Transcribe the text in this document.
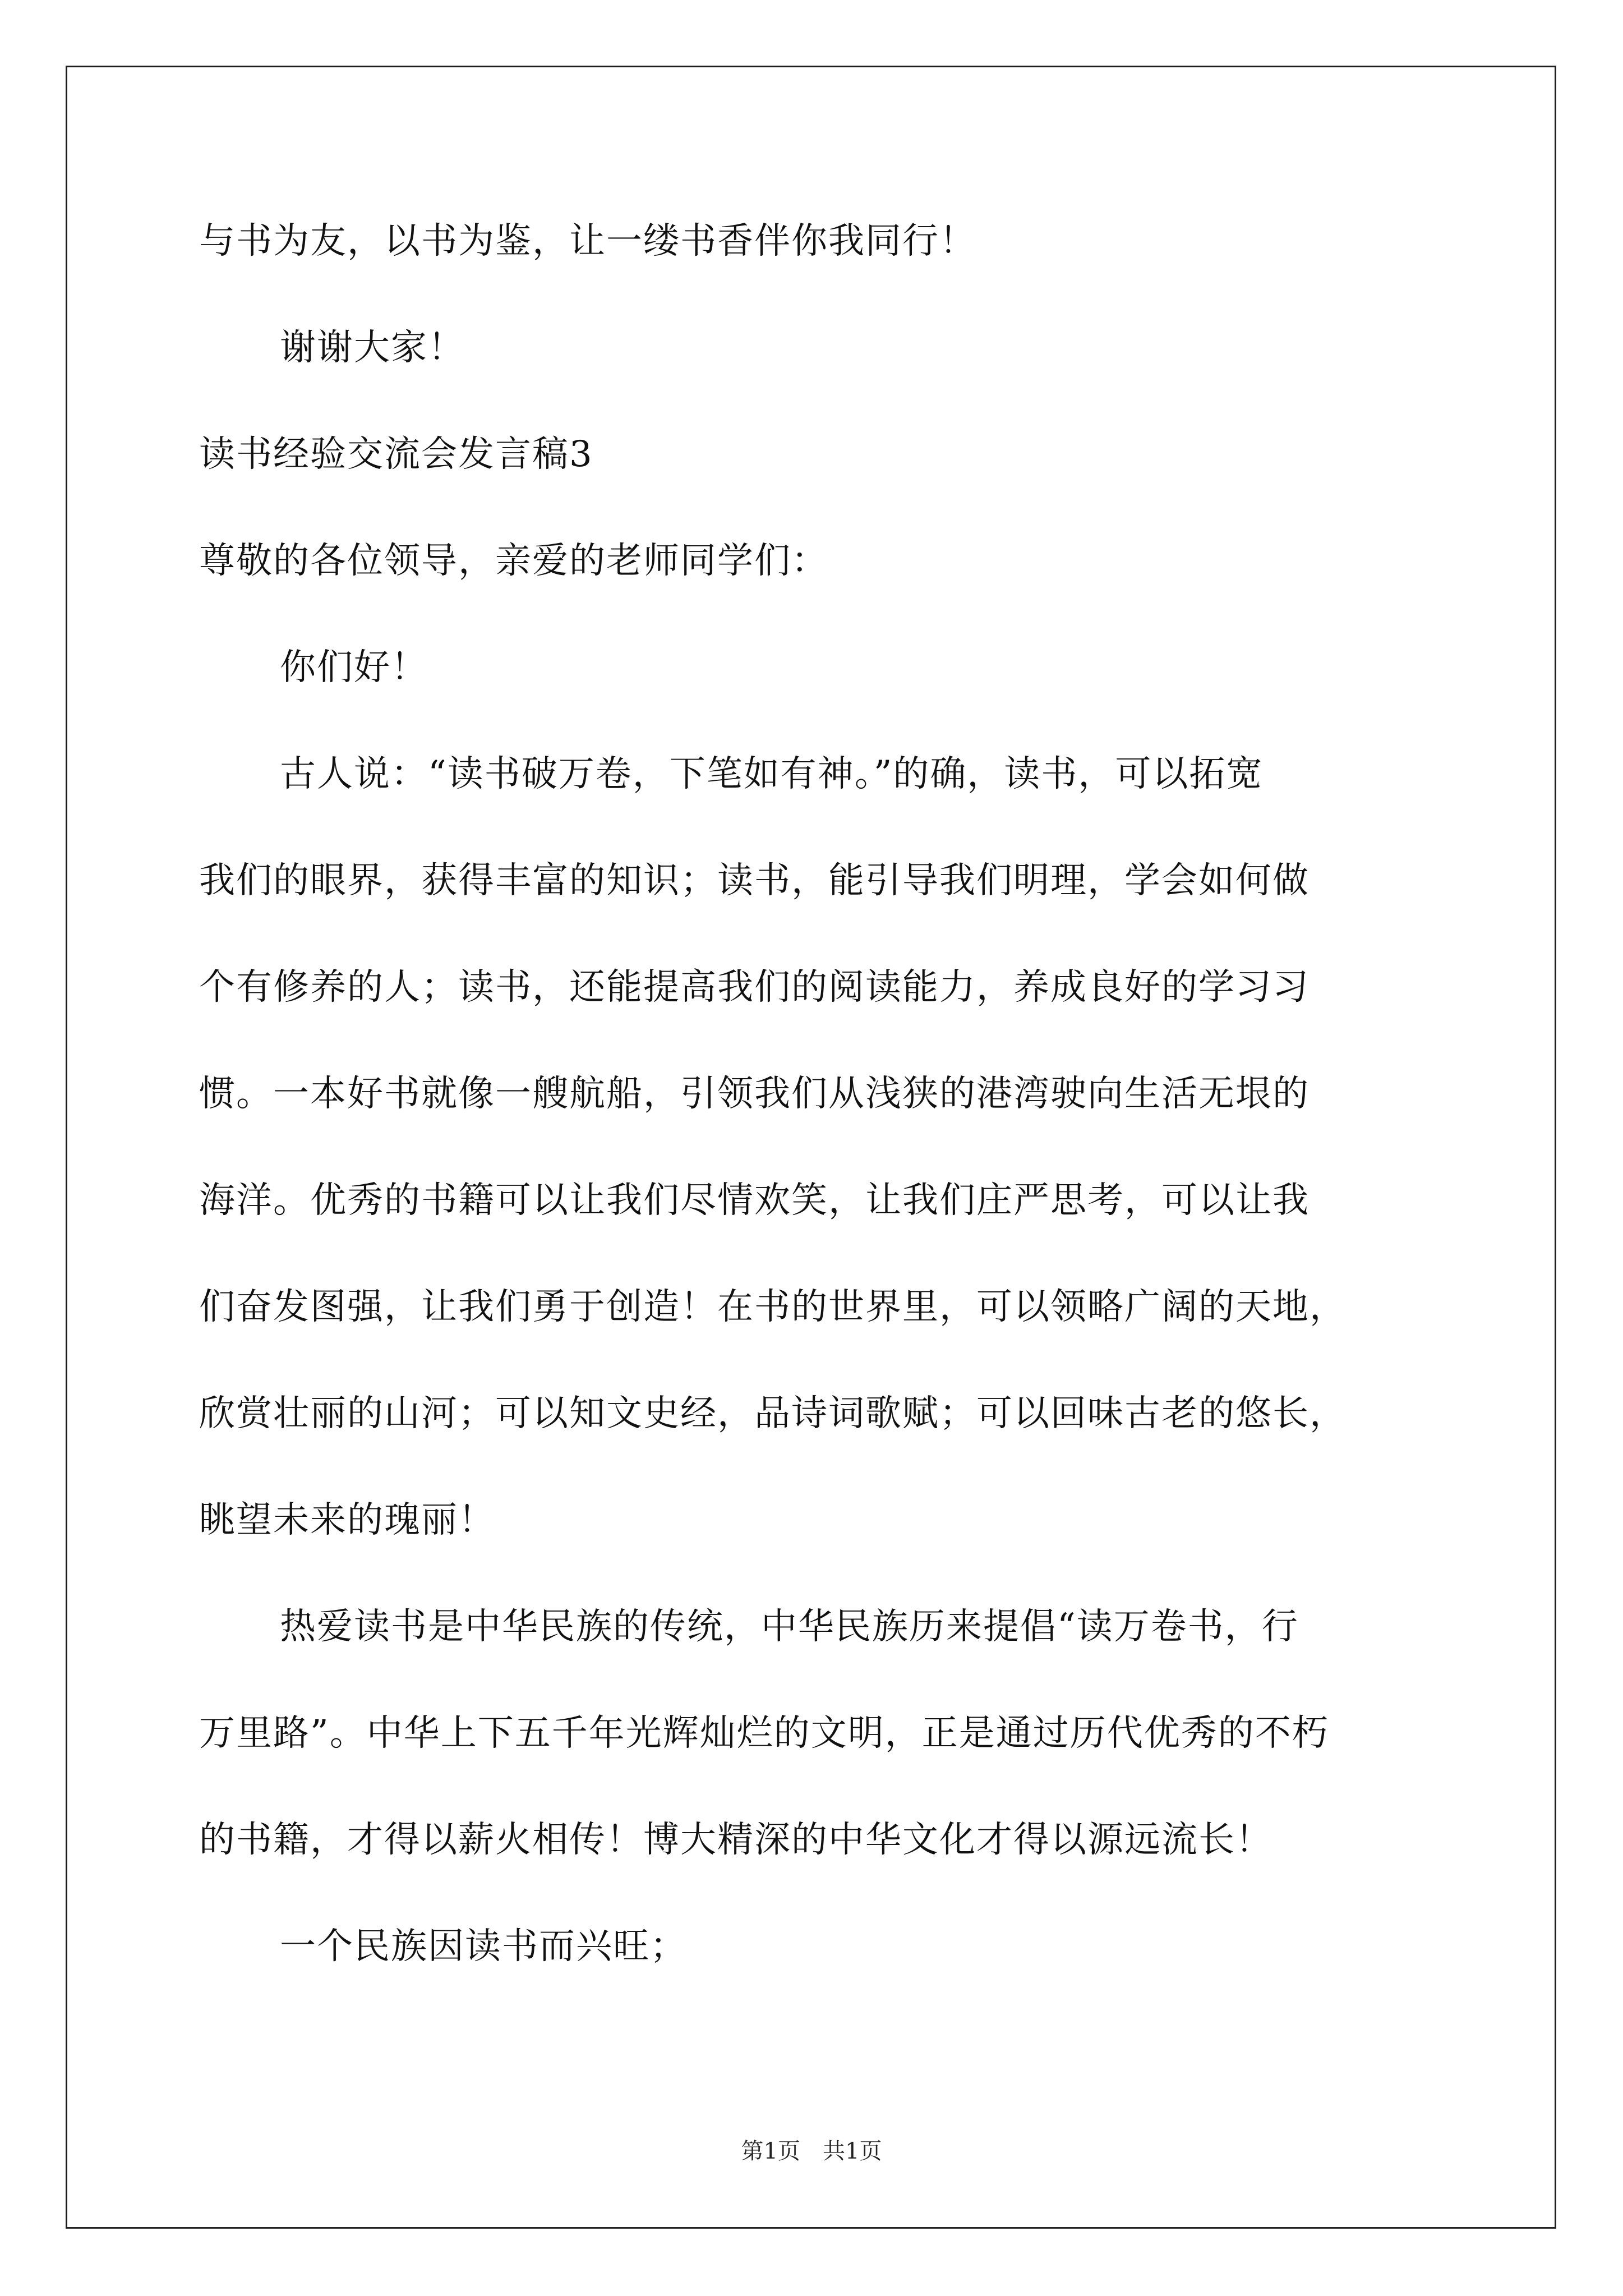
与书为友，以书为鉴，让一缕书香伴你我同行！
谢谢大家！
读书经验交流会发言稿3
尊敬的各位领导，亲爱的老师同学们：
你们好！
古人说：“读书破万卷，下笔如有神。”的确，读书，可以拓宽
我们的眼界，获得丰富的知识；读书，能引导我们明理，学会如何做
个有修养的人；读书，还能提高我们的阅读能力，养成良好的学习习
惯。一本好书就像一艘航船，引领我们从浅狭的港湾驶向生活无垠的
海洋。优秀的书籍可以让我们尽情欢笑，让我们庄严思考，可以让我
们奋发图强，让我们勇于创造！在书的世界里，可以领略广阔的天地，
欣赏壮丽的山河；可以知文史经，品诗词歌赋；可以回味古老的悠长，
眺望未来的瑰丽！
热爱读书是中华民族的传统，中华民族历来提倡“读万卷书，行
万里路”。中华上下五千年光辉灿烂的文明，正是通过历代优秀的不朽
的书籍，才得以薪火相传！博大精深的中华文化才得以源远流长！
一个民族因读书而兴旺；
第1页　共1页
